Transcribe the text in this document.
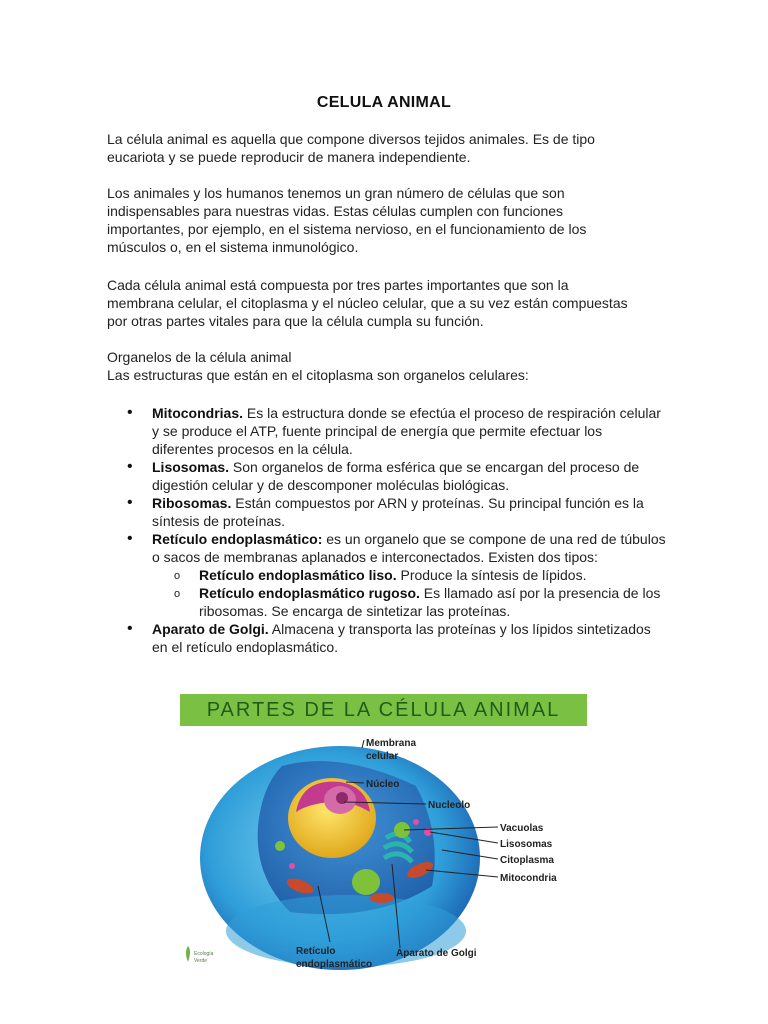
CELULA ANIMAL

La célula animal es aquella que compone diversos tejidos animales. Es de tipo eucariota y se puede reproducir de manera independiente.

Los animales y los humanos tenemos un gran número de células que son indispensables para nuestras vidas. Estas células cumplen con funciones importantes, por ejemplo, en el sistema nervioso, en el funcionamiento de los músculos o, en el sistema inmunológico.

Cada célula animal está compuesta por tres partes importantes que son la membrana celular, el citoplasma y el núcleo celular, que a su vez están compuestas por otras partes vitales para que la célula cumpla su función.

Organelos de la célula animal

Las estructuras que están en el citoplasma son organelos celulares:

• Mitocondrias. Es la estructura donde se efectúa el proceso de respiración celular y se produce el ATP, fuente principal de energía que permite efectuar los diferentes procesos en la célula.
• Lisosomas. Son organelos de forma esférica que se encargan del proceso de digestión celular y de descomponer moléculas biológicas.
• Ribosomas. Están compuestos por ARN y proteínas. Su principal función es la síntesis de proteínas.
• Retículo endoplasmático: es un organelo que se compone de una red de túbulos o sacos de membranas aplanados e interconectados. Existen dos tipos:
o Retículo endoplasmático liso. Produce la síntesis de lípidos.
o Retículo endoplasmático rugoso. Es llamado así por la presencia de los ribosomas. Se encarga de sintetizar las proteínas.
• Aparato de Golgi. Almacena y transporta las proteínas y los lípidos sintetizados en el retículo endoplasmático.
PARTES DE LA CÉLULA ANIMAL
Membrana
celular
Núcleo
Nucleolo
Vacuolas
Lisosomas
Citoplasma
Mitocondria
Retículo
endoplasmático
Aparato de Golgi
Ecología
Verde
